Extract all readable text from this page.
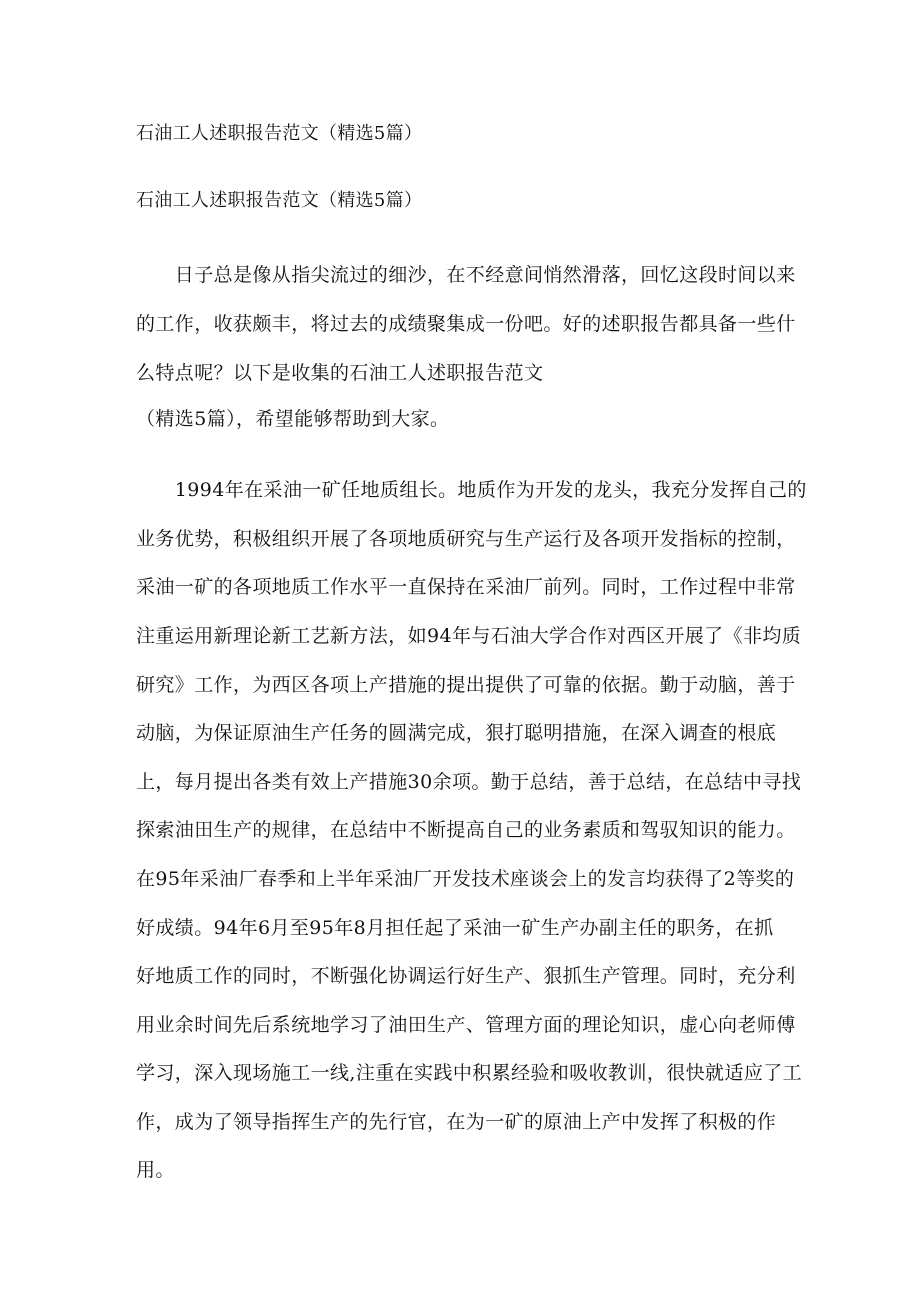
石油工人述职报告范文（精选5篇）
石油工人述职报告范文（精选5篇）
　　日子总是像从指尖流过的细沙，在不经意间悄然滑落，回忆这段时间以来
的工作，收获颇丰，将过去的成绩聚集成一份吧。好的述职报告都具备一些什
么特点呢？以下是收集的石油工人述职报告范文
（精选5篇），希望能够帮助到大家。
　　1994年在采油一矿任地质组长。地质作为开发的龙头，我充分发挥自己的
业务优势，积极组织开展了各项地质研究与生产运行及各项开发指标的控制，
采油一矿的各项地质工作水平一直保持在采油厂前列。同时，工作过程中非常
注重运用新理论新工艺新方法，如94年与石油大学合作对西区开展了《非均质
研究》工作，为西区各项上产措施的提出提供了可靠的依据。勤于动脑，善于
动脑，为保证原油生产任务的圆满完成，狠打聪明措施，在深入调查的根底
上，每月提出各类有效上产措施30余项。勤于总结，善于总结，在总结中寻找
探索油田生产的规律，在总结中不断提高自己的业务素质和驾驭知识的能力。
在95年采油厂春季和上半年采油厂开发技术座谈会上的发言均获得了2等奖的
好成绩。94年6月至95年8月担任起了采油一矿生产办副主任的职务，在抓
好地质工作的同时，不断强化协调运行好生产、狠抓生产管理。同时，充分利
用业余时间先后系统地学习了油田生产、管理方面的理论知识，虚心向老师傅
学习，深入现场施工一线,注重在实践中积累经验和吸收教训，很快就适应了工
作，成为了领导指挥生产的先行官，在为一矿的原油上产中发挥了积极的作
用。
